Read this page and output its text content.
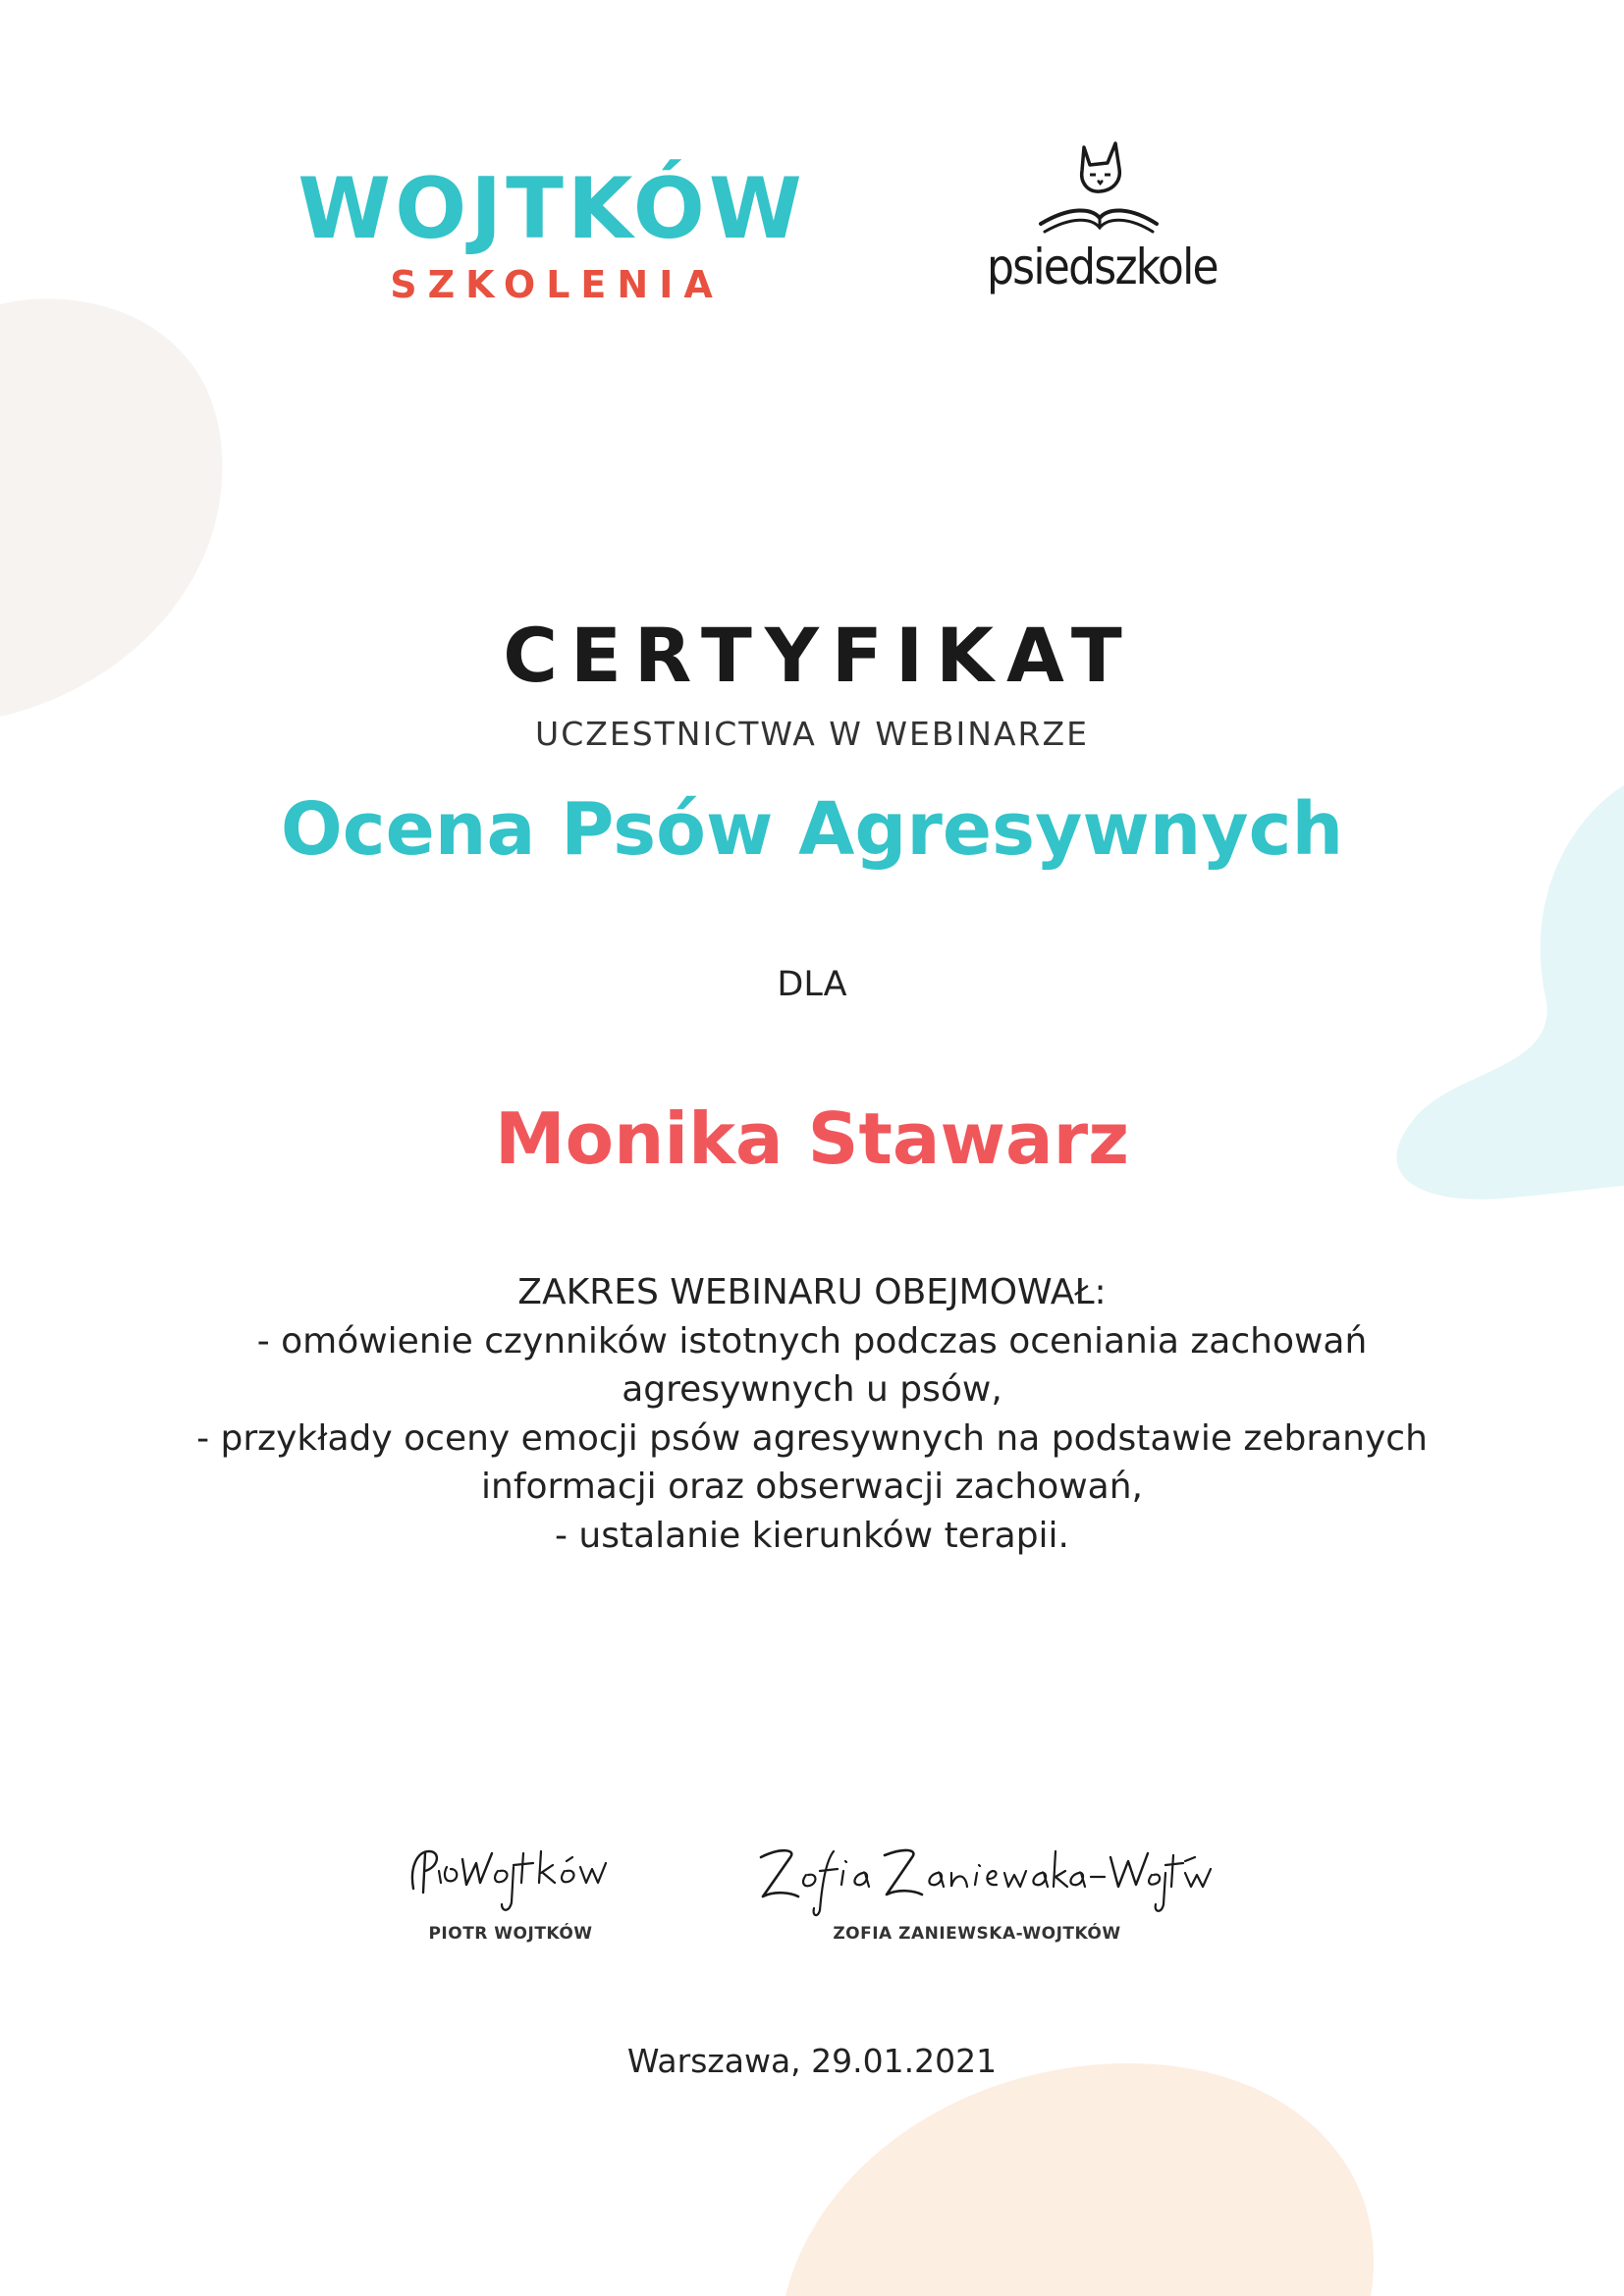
WOJTKÓW
SZKOLENIA	psiedszkole
CERTYFIKAT
UCZESTNICTWA W WEBINARZE
Ocena Psów Agresywnych
DLA
Monika Stawarz
ZAKRES WEBINARU OBEJMOWAŁ:
- omówienie czynników istotnych podczas oceniania zachowań
agresywnych u psów,
- przykłady oceny emocji psów agresywnych na podstawie zebranych
informacji oraz obserwacji zachowań,
- ustalanie kierunków terapii.
PIOTR WOJTKÓW	ZOFIA ZANIEWSKA-WOJTKÓW
Warszawa, 29.01.2021
